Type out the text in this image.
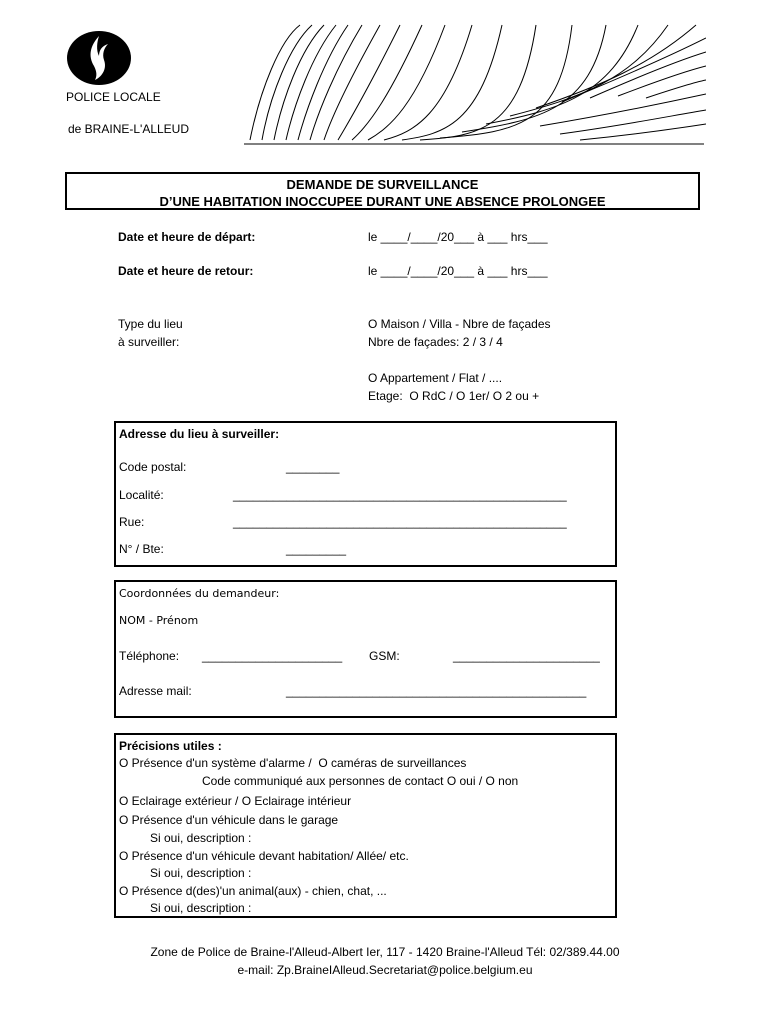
POLICE LOCALE
de BRAINE-L'ALLEUD
DEMANDE DE SURVEILLANCE
D’UNE HABITATION INOCCUPEE DURANT UNE ABSENCE PROLONGEE
Date et heure de départ:	le ____/____/20___ à ___ hrs___
Date et heure de retour:	le ____/____/20___ à ___ hrs___
Type du lieu
à surveiller:
O Maison / Villa - Nbre de façades
Nbre de façades: 2 / 3 / 4
O Appartement / Flat / ....
Etage:  O RdC / O 1er/ O 2 ou +
Adresse du lieu à surveiller:
Code postal:	________
Localité:	__________________________________________________
Rue:	__________________________________________________
N° / Bte:	_________
Coordonnées du demandeur:
NOM - Prénom
Téléphone: _____________________ GSM:	______________________
Adresse mail:	_____________________________________________
Précisions utiles :
O Présence d'un système d'alarme /  O caméras de surveillances
Code communiqué aux personnes de contact O oui / O non
O Eclairage extérieur / O Eclairage intérieur
O Présence d'un véhicule dans le garage
Si oui, description :
O Présence d'un véhicule devant habitation/ Allée/ etc.
Si oui, description :
O Présence d(des)'un animal(aux) - chien, chat, ...
Si oui, description :
Zone de Police de Braine-l'Alleud-Albert Ier, 117 - 1420 Braine-l'Alleud Tél: 02/389.44.00
e-mail: Zp.BraineIAlleud.Secretariat@police.belgium.eu
